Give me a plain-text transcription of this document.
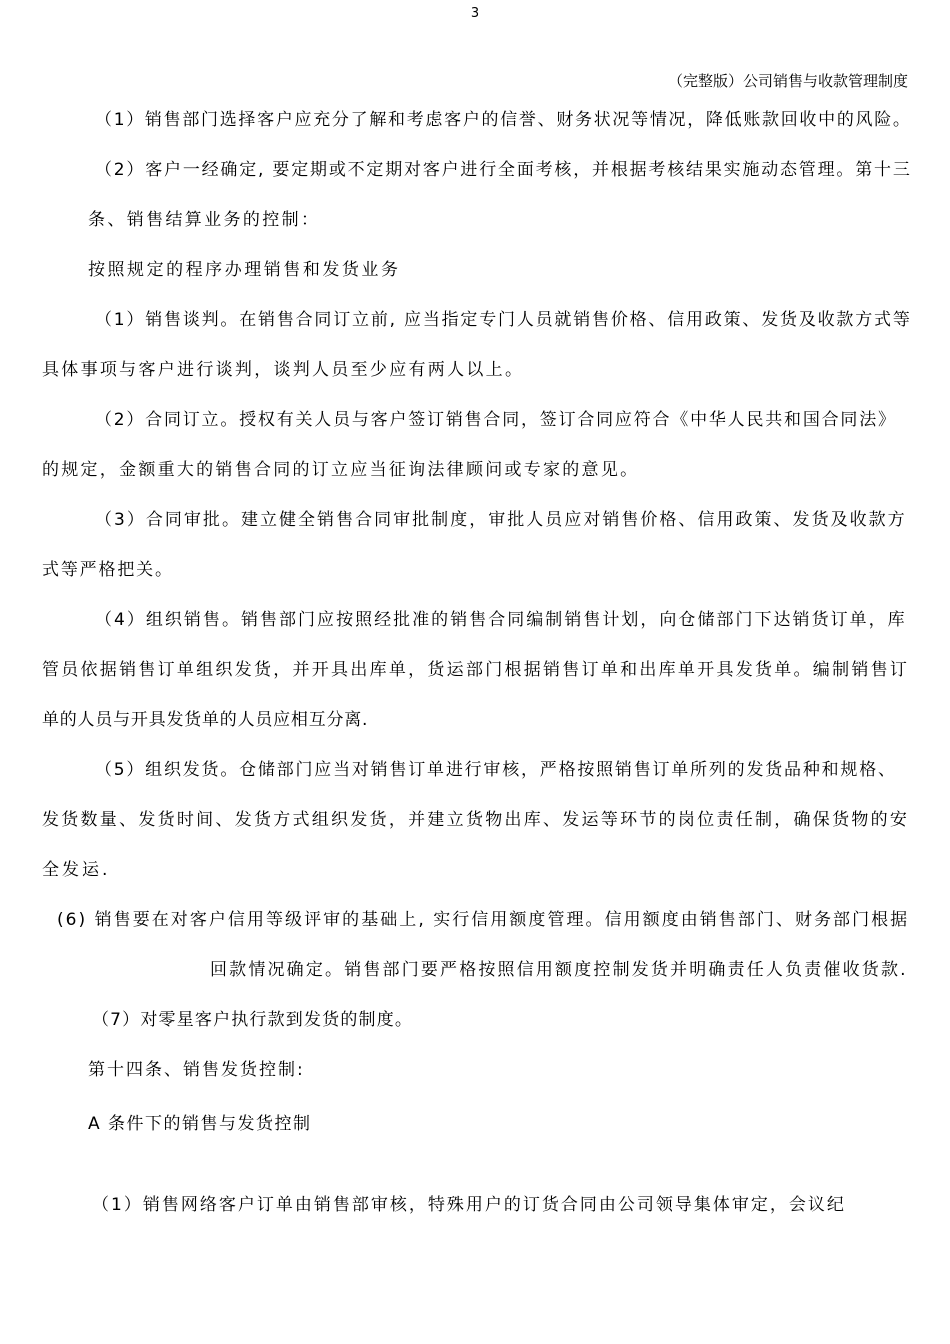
3
（完整版）公司销售与收款管理制度
（1）销售部门选择客户应充分了解和考虑客户的信誉、财务状况等情况，降低账款回收中的风险。
（2）客户一经确定, 要定期或不定期对客户进行全面考核，并根据考核结果实施动态管理。第十三
条、销售结算业务的控制：
按照规定的程序办理销售和发货业务
（1）销售谈判。在销售合同订立前, 应当指定专门人员就销售价格、信用政策、发货及收款方式等
具体事项与客户进行谈判，谈判人员至少应有两人以上。
（2）合同订立。授权有关人员与客户签订销售合同，签订合同应符合《中华人民共和国合同法》
的规定，金额重大的销售合同的订立应当征询法律顾问或专家的意见。
（3）合同审批。建立健全销售合同审批制度，审批人员应对销售价格、信用政策、发货及收款方
式等严格把关。
（4）组织销售。销售部门应按照经批准的销售合同编制销售计划，向仓储部门下达销货订单，库
管员依据销售订单组织发货，并开具出库单，货运部门根据销售订单和出库单开具发货单。编制销售订
单的人员与开具发货单的人员应相互分离.
（5）组织发货。仓储部门应当对销售订单进行审核，严格按照销售订单所列的发货品种和规格、
发货数量、发货时间、发货方式组织发货，并建立货物出库、发运等环节的岗位责任制，确保货物的安
全发运.
(6) 销售要在对客户信用等级评审的基础上, 实行信用额度管理。信用额度由销售部门、财务部门根据
回款情况确定。销售部门要严格按照信用额度控制发货并明确责任人负责催收货款.
（7）对零星客户执行款到发货的制度。
第十四条、销售发货控制:
A 条件下的销售与发货控制
（1）销售网络客户订单由销售部审核，特殊用户的订货合同由公司领导集体审定，会议纪
